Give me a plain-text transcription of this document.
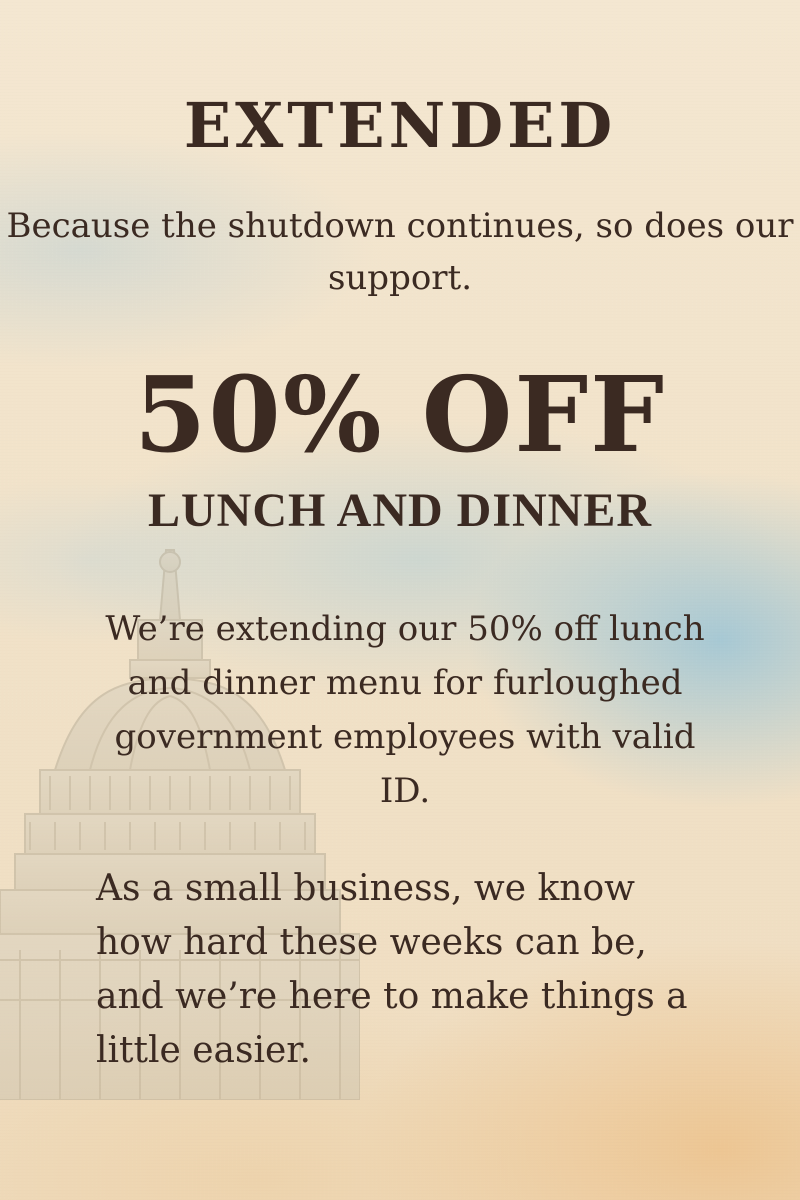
EXTENDED

Because the shutdown continues, so does our support.

50% OFF
LUNCH AND DINNER

We’re extending our 50% off lunch and dinner menu for furloughed government employees with valid ID.

As a small business, we know how hard these weeks can be, and we’re here to make things a little easier.
